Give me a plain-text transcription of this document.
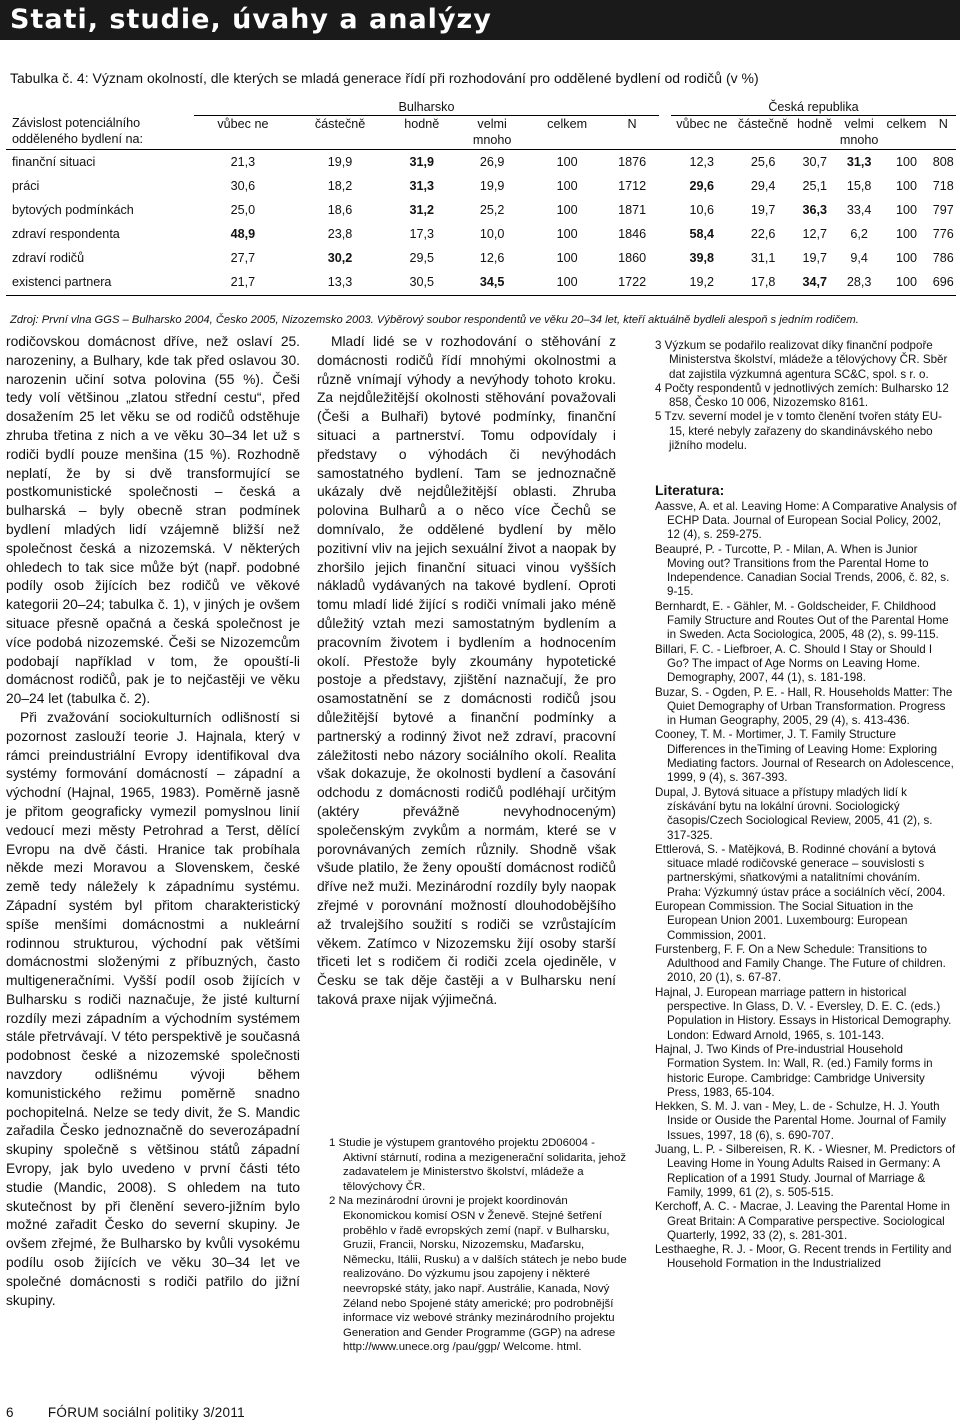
Stati, studie, úvahy a analýzy
Tabulka č. 4: Význam okolností, dle kterých se mladá generace řídí při rozhodování pro oddělené bydlení od rodičů (v %)
Závislost potenciálního
odděleného bydlení na:	Bulharsko							Česká republika					
	vůbec ne	částečně	hodně	velmi
mnoho	celkem	N		vůbec ne	částečně	hodně	velmi
mnoho	celkem	N

finanční situaci	21,3	19,9	31,9	26,9	100	1876		12,3	25,6	30,7	31,3	100	808
práci	30,6	18,2	31,3	19,9	100	1712		29,6	29,4	25,1	15,8	100	718
bytových podmínkách	25,0	18,6	31,2	25,2	100	1871		10,6	19,7	36,3	33,4	100	797
zdraví respondenta	48,9	23,8	17,3	10,0	100	1846		58,4	22,6	12,7	6,2	100	776
zdraví rodičů	27,7	30,2	29,5	12,6	100	1860		39,8	31,1	19,7	9,4	100	786
existenci partnera	21,7	13,3	30,5	34,5	100	1722		19,2	17,8	34,7	28,3	100	696

Zdroj: První vlna GGS – Bulharsko 2004, Česko 2005, Nizozemsko 2003. Výběrový soubor respondentů ve věku 20–34 let, kteří aktuálně bydleli alespoň s jedním rodičem.

rodičovskou domácnost dříve, než oslaví 25. narozeniny, a Bulhary, kde tak před oslavou 30. narozenin učiní sotva polovina (55 %). Češi tedy volí většinou „zlatou střední cestu“, před dosažením 25 let věku se od rodičů odstěhuje zhruba třetina z nich a ve věku 30–34 let už s rodiči bydlí pouze menšina (15 %). Rozhodně neplatí, že by si dvě transformující se postkomunistické společnosti – česká a bulharská – byly obecně stran podmínek bydlení mladých lidí vzájemně bližší než společnost česká a nizozemská. V některých ohledech to tak sice může být (např. podobné podíly osob žijících bez rodičů ve věkové kategorii 20–24; tabulka č. 1), v jiných je ovšem situace přesně opačná a česká společnost je více podobá nizozemské. Češi se Nizozemcům podobají například v tom, že opouští-li domácnost rodičů, pak je to nejčastěji ve věku 20–24 let (tabulka č. 2).

Při zvažování sociokulturních odlišností si pozornost zaslouží teorie J. Hajnala, který v rámci preindustriální Evropy identifikoval dva systémy formování domácností – západní a východní (Hajnal, 1965, 1983). Poměrně jasně je přitom geograficky vymezil pomyslnou linií vedoucí mezi městy Petrohrad a Terst, dělící Evropu na dvě části. Hranice tak probíhala někde mezi Moravou a Slovenskem, české země tedy náležely k západnímu systému. Západní systém byl přitom charakteristický spíše menšími domácnostmi a nukleární rodinnou strukturou, východní pak většími domácnostmi složenými z příbuzných, často multigeneračními. Vyšší podíl osob žijících v Bulharsku s rodiči naznačuje, že jisté kulturní rozdíly mezi západním a východním systémem stále přetrvávají. V této perspektivě je současná podobnost české a nizozemské společnosti navzdory odlišnému vývoji během komunistického režimu poměrně snadno pochopitelná. Nelze se tedy divit, že S. Mandic zařadila Česko jednoznačně do severozápadní skupiny společně s většinou států západní Evropy, jak bylo uvedeno v první části této studie (Mandic, 2008). S ohledem na tuto skutečnost by při členění severo-jižním bylo možné zařadit Česko do severní skupiny. Je ovšem zřejmé, že Bulharsko by kvůli vysokému podílu osob žijících ve věku 30–34 let ve společné domácnosti s rodiči patřilo do jižní skupiny.

Mladí lidé se v rozhodování o stěhování z domácnosti rodičů řídí mnohými okolnostmi a různě vnímají výhody a nevýhody tohoto kroku. Za nejdůležitější okolnosti stěhování považovali (Češi a Bulhaři) bytové podmínky, finanční situaci a partnerství. Tomu odpovídaly i představy o výhodách či nevýhodách samostatného bydlení. Tam se jednoznačně ukázaly dvě nejdůležitější oblasti. Zhruba polovina Bulharů a o něco více Čechů se domnívalo, že oddělené bydlení by mělo pozitivní vliv na jejich sexuální život a naopak by zhoršilo jejich finanční situaci vinou vyšších nákladů vydávaných na takové bydlení. Oproti tomu mladí lidé žijící s rodiči vnímali jako méně důležitý vztah mezi samostatným bydlením a pracovním životem i bydlením a hodnocením okolí. Přestože byly zkoumány hypotetické postoje a představy, zjištění naznačují, že pro osamostatnění se z domácnosti rodičů jsou důležitější bytové a finanční podmínky a partnerský a rodinný život než zdraví, pracovní záležitosti nebo názory sociálního okolí. Realita však dokazuje, že okolnosti bydlení a časování odchodu z domácnosti rodičů podléhají určitým (aktéry převážně nevyhodnoceným) společenským zvykům a normám, které se v porovnávaných zemích různily. Shodně však všude platilo, že ženy opouští domácnost rodičů dříve než muži. Mezinárodní rozdíly byly naopak zřejmé v porovnání možností dlouhodobějšího až trvalejšího soužití s rodiči se vzrůstajícím věkem. Zatímco v Nizozemsku žijí osoby starší třiceti let s rodičem či rodiči zcela ojediněle, v Česku se tak děje častěji a v Bulharsku není taková praxe nijak výjimečná.

1 Studie je výstupem grantového projektu 2D06004 - Aktivní stárnutí, rodina a mezigenerační solidarita, jehož zadavatelem je Ministerstvo školství, mládeže a tělovýchovy ČR.
2 Na mezinárodní úrovni je projekt koordinován Ekonomickou komisí OSN v Ženevě. Stejné šetření proběhlo v řadě evropských zemí (např. v Bulharsku, Gruzii, Francii, Norsku, Nizozemsku, Maďarsku, Německu, Itálii, Rusku) a v dalších státech je nebo bude realizováno. Do výzkumu jsou zapojeny i některé neevropské státy, jako např. Austrálie, Kanada, Nový Zéland nebo Spojené státy americké; pro podrobnější informace viz webové stránky mezinárodního projektu Generation and Gender Programme (GGP) na adrese http://www.unece.org /pau/ggp/ Welcome. html.
3 Výzkum se podařilo realizovat díky finanční podpoře Ministerstva školství, mládeže a tělovýchovy ČR. Sběr dat zajistila výzkumná agentura SC&C, spol. s r. o.
4 Počty respondentů v jednotlivých zemích: Bulharsko 12 858, Česko 10 006, Nizozemsko 8161.
5 Tzv. severní model je v tomto členění tvořen státy EU-15, které nebyly zařazeny do skandinávského nebo jižního modelu.
Literatura:
Aassve, A. et al. Leaving Home: A Comparative Analysis of ECHP Data. Journal of European Social Policy, 2002, 12 (4), s. 259-275.
Beaupré, P. - Turcotte, P. - Milan, A. When is Junior Moving out? Transitions from the Parental Home to Independence. Canadian Social Trends, 2006, č. 82, s. 9-15.
Bernhardt, E. - Gähler, M. - Goldscheider, F. Childhood Family Structure and Routes Out of the Parental Home in Sweden. Acta Sociologica, 2005, 48 (2), s. 99-115.
Billari, F. C. - Liefbroer, A. C. Should I Stay or Should I Go? The impact of Age Norms on Leaving Home. Demography, 2007, 44 (1), s. 181-198.
Buzar, S. - Ogden, P. E. - Hall, R. Households Matter: The Quiet Demography of Urban Transformation. Progress in Human Geography, 2005, 29 (4), s. 413-436.
Cooney, T. M. - Mortimer, J. T. Family Structure Differences in theTiming of Leaving Home: Exploring Mediating factors. Journal of Research on Adolescence, 1999, 9 (4), s. 367-393.
Dupal, J. Bytová situace a přístupy mladých lidí k získávání bytu na lokální úrovni. Sociologický časopis/Czech Sociological Review, 2005, 41 (2), s. 317-325.
Ettlerová, S. - Matějková, B. Rodinné chování a bytová situace mladé rodičovské generace – souvislosti s partnerskými, sňatkovými a natalitními chováním. Praha: Výzkumný ústav práce a sociálních věcí, 2004.
European Commission. The Social Situation in the European Union 2001. Luxembourg: European Commission, 2001.
Furstenberg, F. F. On a New Schedule: Transitions to Adulthood and Family Change. The Future of children. 2010, 20 (1), s. 67-87.
Hajnal, J. European marriage pattern in historical perspective. In Glass, D. V. - Eversley, D. E. C. (eds.) Population in History. Essays in Historical Demography. London: Edward Arnold, 1965, s. 101-143.
Hajnal, J. Two Kinds of Pre-industrial Household Formation System. In: Wall, R. (ed.) Family forms in historic Europe. Cambridge: Cambridge University Press, 1983, 65-104.
Hekken, S. M. J. van - Mey, L. de - Schulze, H. J. Youth Inside or Ouside the Parental Home. Journal of Family Issues, 1997, 18 (6), s. 690-707.
Juang, L. P. - Silbereisen, R. K. - Wiesner, M. Predictors of Leaving Home in Young Adults Raised in Germany: A Replication of a 1991 Study. Journal of Marriage & Family, 1999, 61 (2), s. 505-515.
Kerchoff, A. C. - Macrae, J. Leaving the Parental Home in Great Britain: A Comparative perspective. Sociological Quarterly, 1992, 33 (2), s. 281-301.
Lesthaeghe, R. J. - Moor, G. Recent trends in Fertility and Household Formation in the Industrialized
6	FÓRUM sociální politiky 3/2011
